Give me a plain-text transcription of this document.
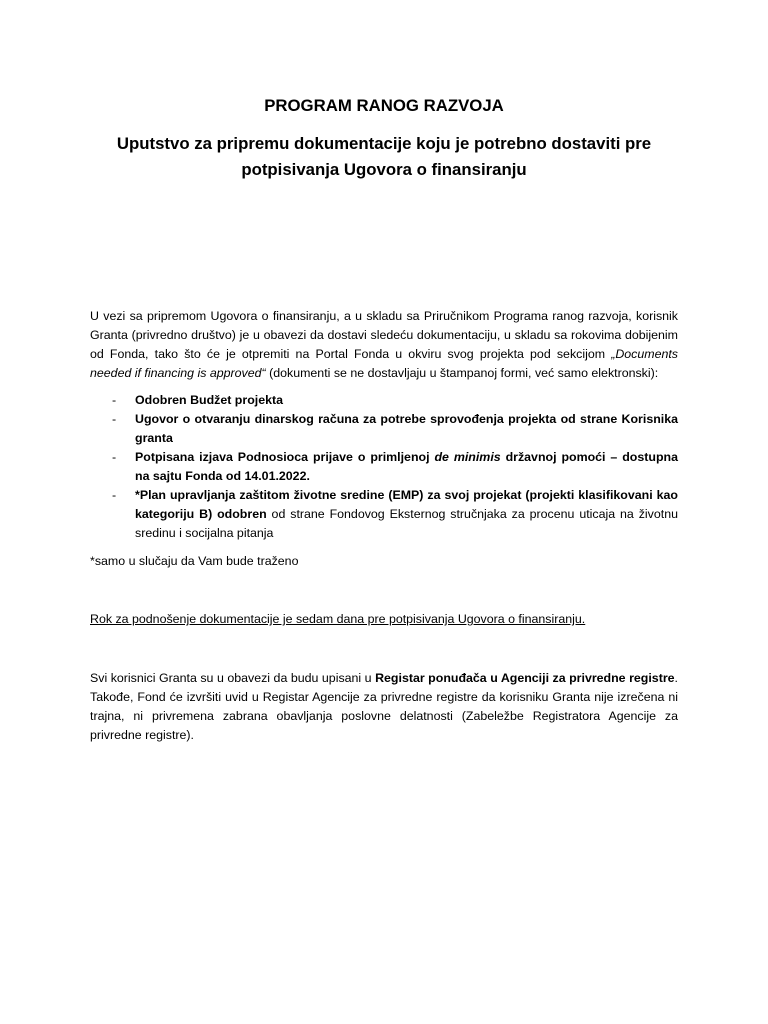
PROGRAM RANOG RAZVOJA
Uputstvo za pripremu dokumentacije koju je potrebno dostaviti pre
potpisivanja Ugovora o finansiranju

U vezi sa pripremom Ugovora o finansiranju, a u skladu sa Priručnikom Programa ranog razvoja, korisnik Granta (privredno društvo) je u obavezi da dostavi sledeću dokumentaciju, u skladu sa rokovima dobijenim od Fonda, tako što će je otpremiti na Portal Fonda u okviru svog projekta pod sekcijom „Documents needed if financing is approved“ (dokumenti se ne dostavljaju u štampanoj formi, već samo elektronski):

- Odobren Budžet projekta
- Ugovor o otvaranju dinarskog računa za potrebe sprovođenja projekta od strane Korisnika granta
- Potpisana izjava Podnosioca prijave o primljenoj de minimis državnoj pomoći – dostupna na sajtu Fonda od 14.01.2022.
- *Plan upravljanja zaštitom životne sredine (EMP) za svoj projekat (projekti klasifikovani kao kategoriju B) odobren od strane Fondovog Eksternog stručnjaka za procenu uticaja na životnu sredinu i socijalna pitanja

*samo u slučaju da Vam bude traženo

Rok za podnošenje dokumentacije je sedam dana pre potpisivanja Ugovora o finansiranju.

Svi korisnici Granta su u obavezi da budu upisani u Registar ponuđača u Agenciji za privredne registre. Takođe, Fond će izvršiti uvid u Registar Agencije za privredne registre da korisniku Granta nije izrečena ni trajna, ni privremena zabrana obavljanja poslovne delatnosti (Zabeležbe Registratora Agencije za privredne registre).
